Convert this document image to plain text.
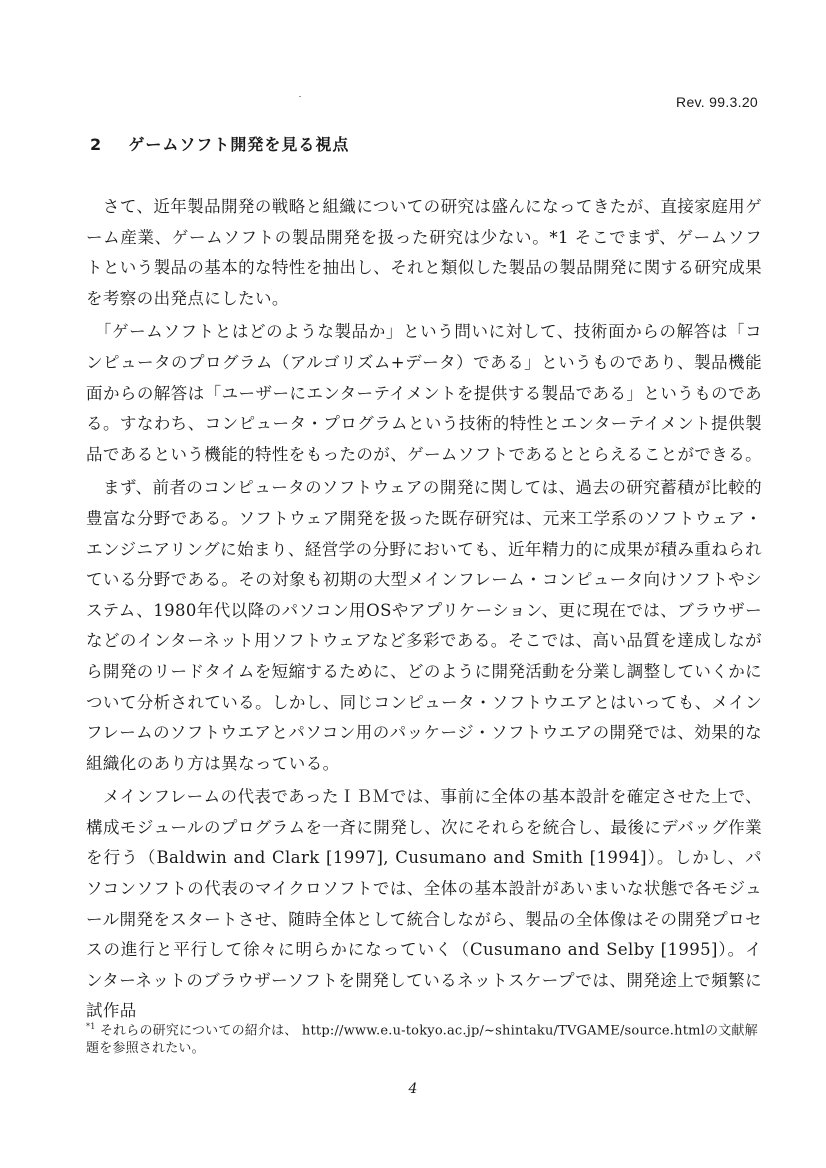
Rev. 99.3.20
2 ゲームソフト開発を見る視点

　さて、近年製品開発の戦略と組織についての研究は盛んになってきたが、直接家庭用ゲーム産業、ゲームソフトの製品開発を扱った研究は少ない。*1 そこでまず、ゲームソフトという製品の基本的な特性を抽出し、それと類似した製品の製品開発に関する研究成果を考察の出発点にしたい。

　「ゲームソフトとはどのような製品か」という問いに対して、技術面からの解答は「コンピュータのプログラム（アルゴリズム+データ）である」というものであり、製品機能面からの解答は「ユーザーにエンターテイメントを提供する製品である」というものである。すなわち、コンピュータ・プログラムという技術的特性とエンターテイメント提供製品であるという機能的特性をもったのが、ゲームソフトであるととらえることができる。

　まず、前者のコンピュータのソフトウェアの開発に関しては、過去の研究蓄積が比較的豊富な分野である。ソフトウェア開発を扱った既存研究は、元来工学系のソフトウェア・エンジニアリングに始まり、経営学の分野においても、近年精力的に成果が積み重ねられている分野である。その対象も初期の大型メインフレーム・コンピュータ向けソフトやシステム、1980年代以降のパソコン用OSやアプリケーション、更に現在では、ブラウザーなどのインターネット用ソフトウェアなど多彩である。そこでは、高い品質を達成しながら開発のリードタイムを短縮するために、どのように開発活動を分業し調整していくかについて分析されている。しかし、同じコンピュータ・ソフトウエアとはいっても、メインフレームのソフトウエアとパソコン用のパッケージ・ソフトウエアの開発では、効果的な組織化のあり方は異なっている。

　メインフレームの代表であったＩＢＭでは、事前に全体の基本設計を確定させた上で、構成モジュールのプログラムを一斉に開発し、次にそれらを統合し、最後にデバッグ作業を行う（Baldwin and Clark [1997], Cusumano and Smith [1994]）。しかし、パソコンソフトの代表のマイクロソフトでは、全体の基本設計があいまいな状態で各モジュール開発をスタートさせ、随時全体として統合しながら、製品の全体像はその開発プロセスの進行と平行して徐々に明らかになっていく（Cusumano and Selby [1995]）。インターネットのブラウザーソフトを開発しているネットスケープでは、開発途上で頻繁に試作品

$^{*1}$ それらの研究についての紹介は、 http://www.e.u-tokyo.ac.jp/~shintaku/TVGAME/source.htmlの文献解題を参照されたい。
4
